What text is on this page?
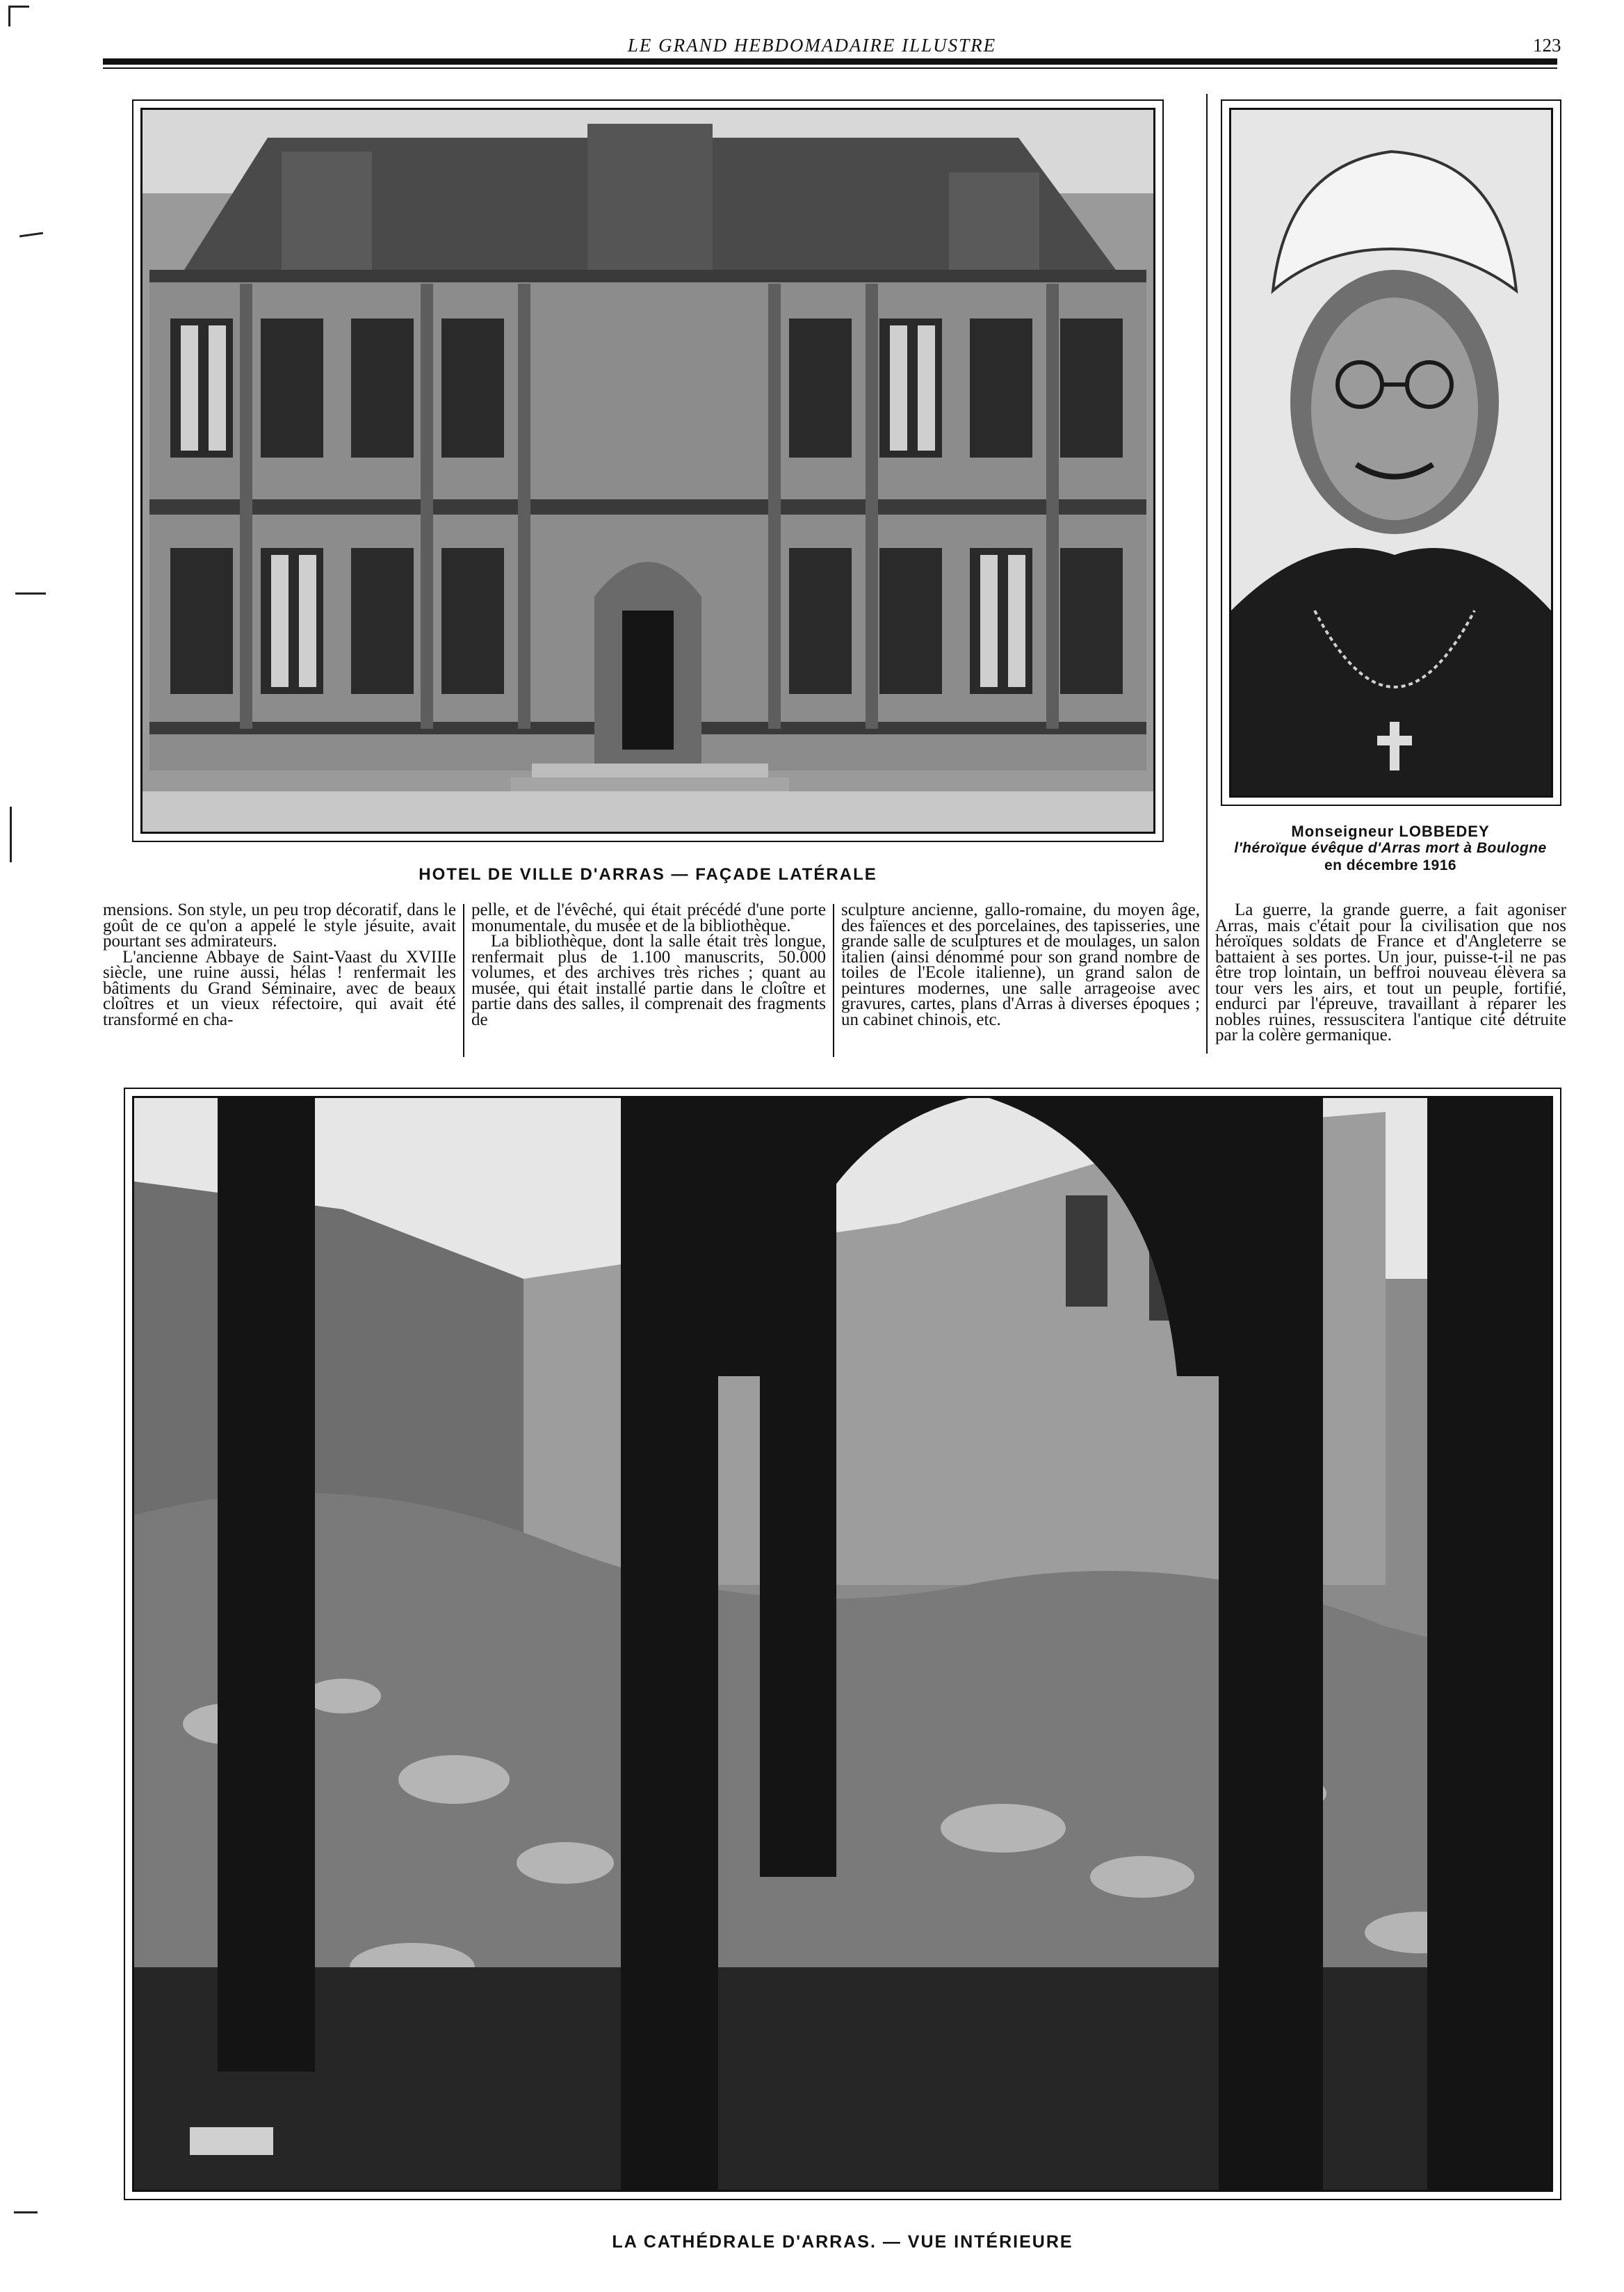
LE GRAND HEBDOMADAIRE ILLUSTRE	123
Monseigneur LOBBEDEY
l'héroïque évêque d'Arras mort à Boulogne
en décembre 1916
HOTEL DE VILLE D'ARRAS — FAÇADE LATÉRALE

mensions. Son style, un peu trop décoratif, dans le goût de ce qu'on a appelé le style jésuite, avait pourtant ses admirateurs.

L'ancienne Abbaye de Saint-Vaast du XVIIIe siècle, une ruine aussi, hélas ! renfermait les bâtiments du Grand Séminaire, avec de beaux cloîtres et un vieux réfectoire, qui avait été transformé en cha-

pelle, et de l'évêché, qui était précédé d'une porte monumentale, du musée et de la bibliothèque.

La bibliothèque, dont la salle était très longue, renfermait plus de 1.100 manuscrits, 50.000 volumes, et des archives très riches ; quant au musée, qui était installé partie dans le cloître et partie dans des salles, il comprenait des fragments de

sculpture ancienne, gallo-romaine, du moyen âge, des faïences et des porcelaines, des tapisseries, une grande salle de sculptures et de moulages, un salon italien (ainsi dénommé pour son grand nombre de toiles de l'Ecole italienne), un grand salon de peintures modernes, une salle arrageoise avec gravures, cartes, plans d'Arras à diverses époques ; un cabinet chinois, etc.

La guerre, la grande guerre, a fait agoniser Arras, mais c'était pour la civilisation que nos héroïques soldats de France et d'Angleterre se battaient à ses portes. Un jour, puisse-t-il ne pas être trop lointain, un beffroi nouveau élèvera sa tour vers les airs, et tout un peuple, fortifié, endurci par l'épreuve, travaillant à réparer les nobles ruines, ressuscitera l'antique cité détruite par la colère germanique.

LA CATHÉDRALE D'ARRAS. — VUE INTÉRIEURE
